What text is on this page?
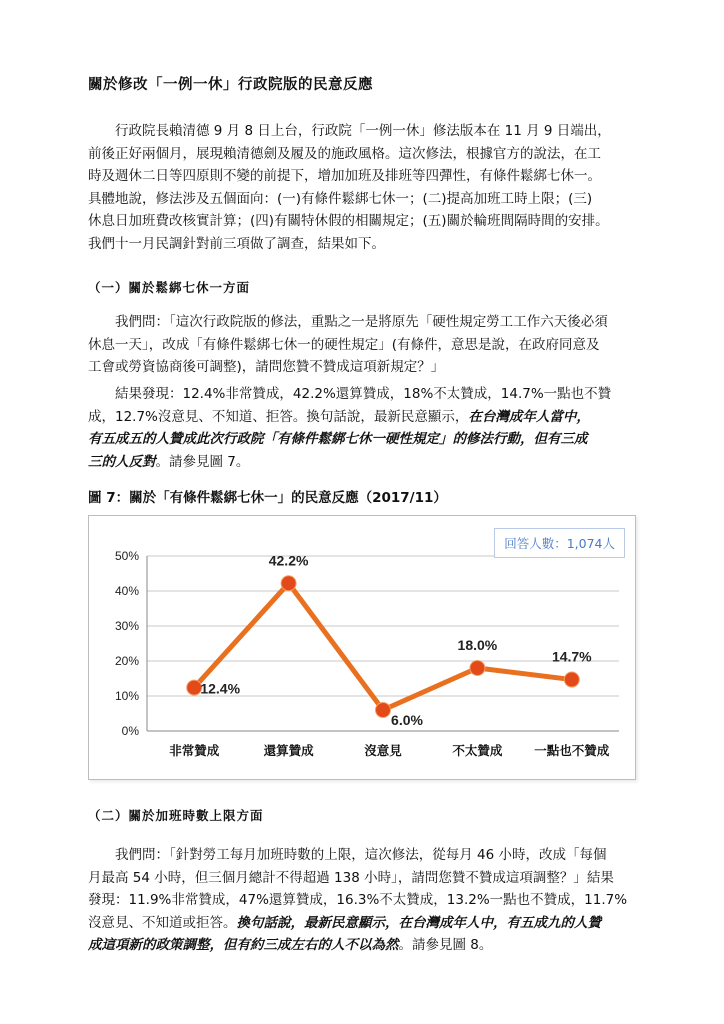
關於修改「一例一休」行政院版的民意反應

行政院長賴清德 9 月 8 日上台，行政院「一例一休」修法版本在 11 月 9 日端出，

前後正好兩個月，展現賴清德劍及履及的施政風格。這次修法，根據官方的說法，在工

時及週休二日等四原則不變的前提下，增加加班及排班等四彈性，有條件鬆綁七休一。

具體地說，修法涉及五個面向：(一)有條件鬆綁七休一；(二)提高加班工時上限；(三)

休息日加班費改核實計算；(四)有關特休假的相關規定；(五)關於輪班間隔時間的安排。

我們十一月民調針對前三項做了調查，結果如下。

（一）關於鬆綁七休一方面

我們問：「這次行政院版的修法，重點之一是將原先「硬性規定勞工工作六天後必須

休息一天」，改成「有條件鬆綁七休一的硬性規定」(有條件，意思是說，在政府同意及

工會或勞資協商後可調整)，請問您贊不贊成這項新規定？」

結果發現：12.4%非常贊成，42.2%還算贊成，18%不太贊成，14.7%一點也不贊

成，12.7%沒意見、不知道、拒答。換句話說，最新民意顯示，在台灣成年人當中，

有五成五的人贊成此次行政院「有條件鬆綁七休一硬性規定」的修法行動，但有三成

三的人反對。請參見圖 7。

圖 7：關於「有條件鬆綁七休一」的民意反應（2017/11）
0%
10%
20%
30%
40%
50%
非常贊成	還算贊成	沒意見	不太贊成	一點也不贊成
12.4%
42.2%
6.0%
18.0%
14.7%
回答人數：1,074人
（二）關於加班時數上限方面

我們問：「針對勞工每月加班時數的上限，這次修法，從每月 46 小時，改成「每個

月最高 54 小時，但三個月總計不得超過 138 小時」，請問您贊不贊成這項調整？」結果

發現：11.9%非常贊成，47%還算贊成，16.3%不太贊成，13.2%一點也不贊成，11.7%

沒意見、不知道或拒答。換句話說，最新民意顯示，在台灣成年人中，有五成九的人贊

成這項新的政策調整，但有約三成左右的人不以為然。請參見圖 8。
